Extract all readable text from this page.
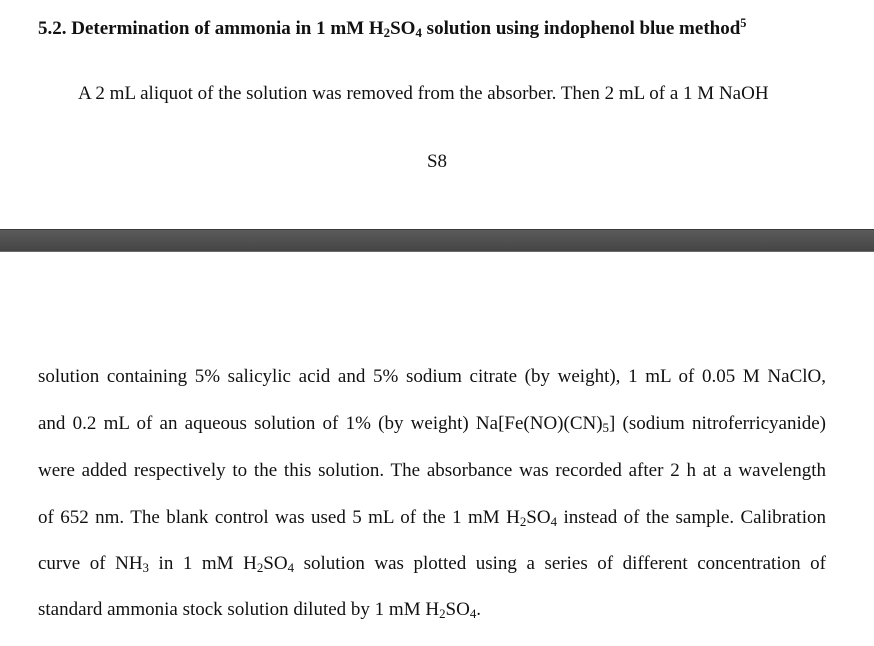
5.2. Determination of ammonia in 1 mM $H_2SO_4$ solution using indophenol blue method$^5$
A 2 mL aliquot of the solution was removed from the absorber. Then 2 mL of a 1 M NaOH
S8
solution containing 5% salicylic acid and 5% sodium citrate (by weight), 1 mL of 0.05 M NaClO,
and 0.2 mL of an aqueous solution of 1% (by weight) $Na[Fe(NO)(CN)_5]$ (sodium nitroferricyanide)
were added respectively to the this solution. The absorbance was recorded after 2 h at a wavelength
of 652 nm. The blank control was used 5 mL of the 1 mM $H_2SO_4$ instead of the sample. Calibration
curve of $NH_3$ in 1 mM $H_2SO_4$ solution was plotted using a series of different concentration of
standard ammonia stock solution diluted by 1 mM $H_2SO_4$.
